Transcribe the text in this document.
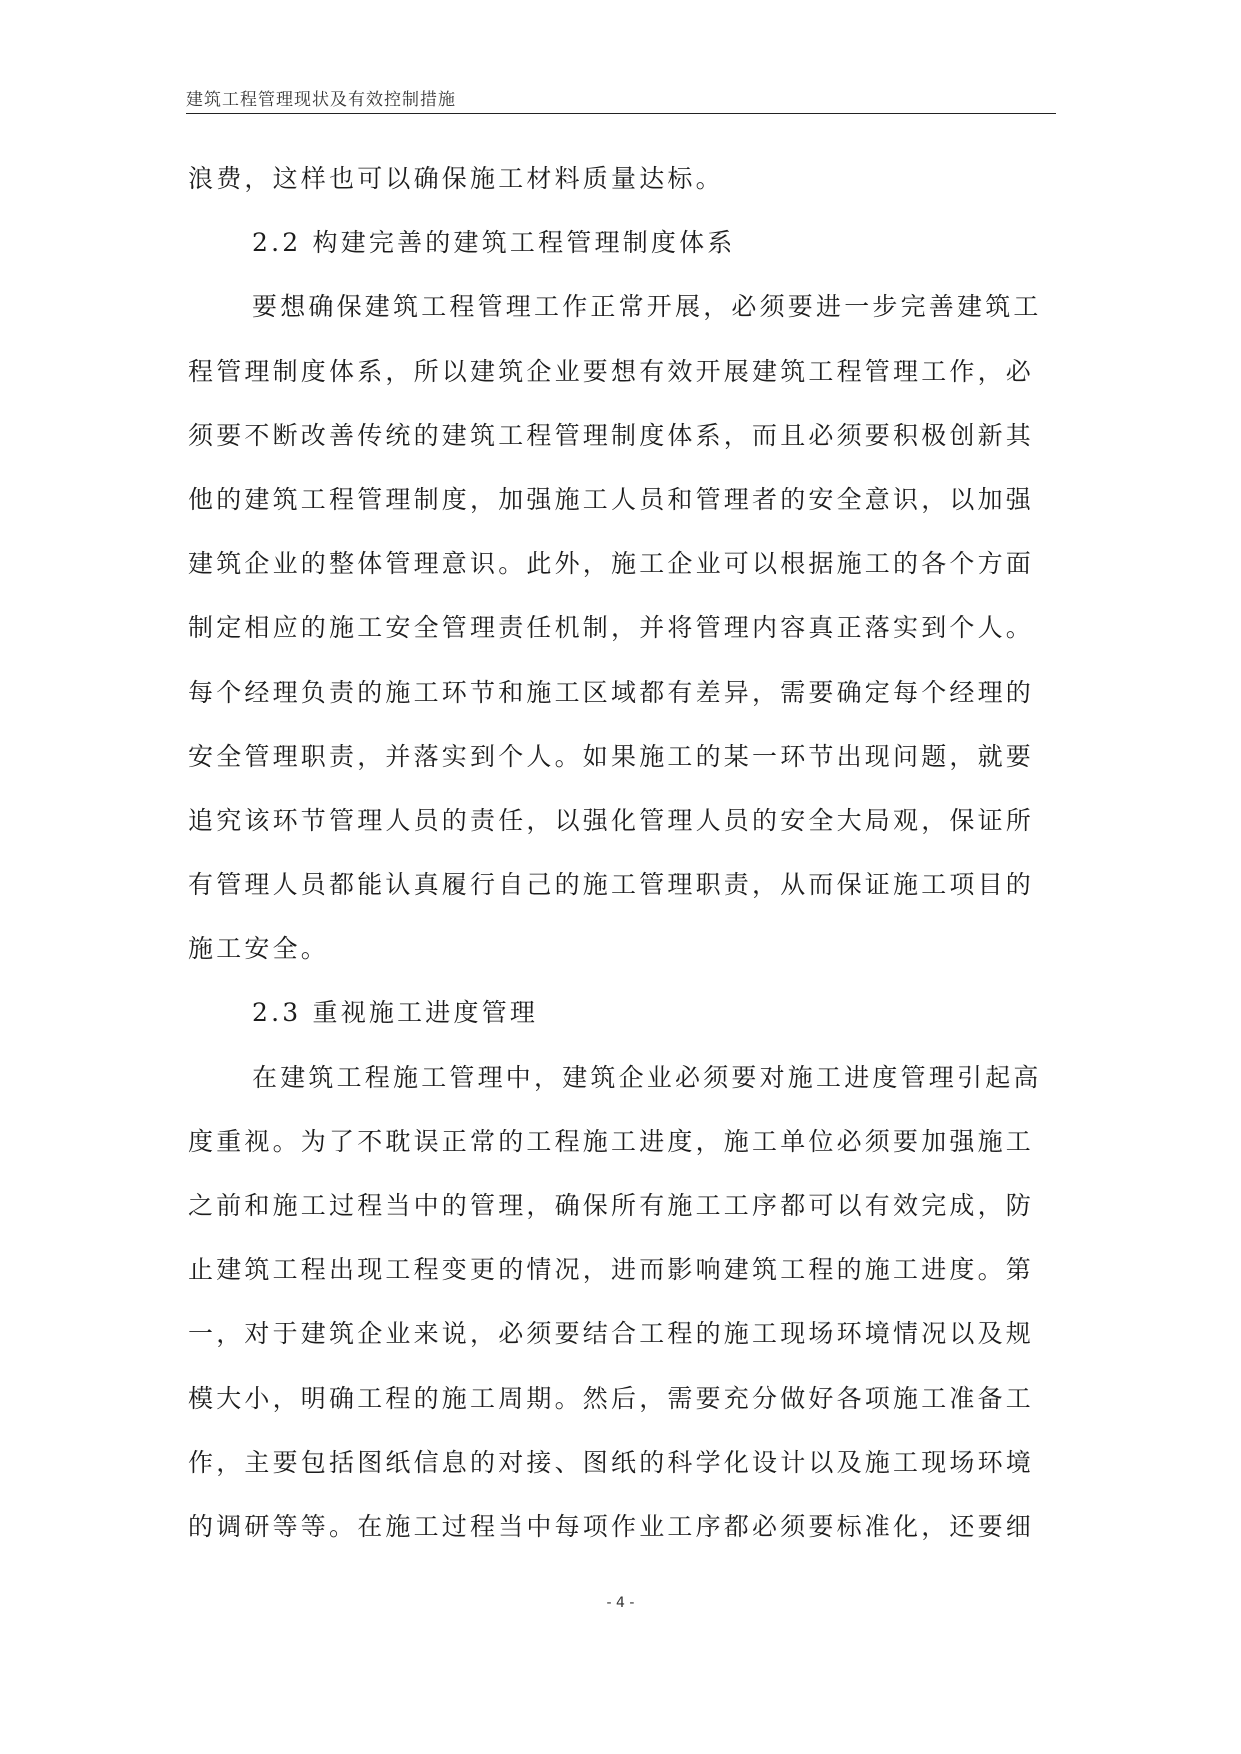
建筑工程管理现状及有效控制措施
浪费，这样也可以确保施工材料质量达标。
2.2 构建完善的建筑工程管理制度体系
要想确保建筑工程管理工作正常开展，必须要进一步完善建筑工
程管理制度体系，所以建筑企业要想有效开展建筑工程管理工作，必
须要不断改善传统的建筑工程管理制度体系，而且必须要积极创新其
他的建筑工程管理制度，加强施工人员和管理者的安全意识，以加强
建筑企业的整体管理意识。此外，施工企业可以根据施工的各个方面
制定相应的施工安全管理责任机制，并将管理内容真正落实到个人。
每个经理负责的施工环节和施工区域都有差异，需要确定每个经理的
安全管理职责，并落实到个人。如果施工的某一环节出现问题，就要
追究该环节管理人员的责任，以强化管理人员的安全大局观，保证所
有管理人员都能认真履行自己的施工管理职责，从而保证施工项目的
施工安全。
2.3 重视施工进度管理
在建筑工程施工管理中，建筑企业必须要对施工进度管理引起高
度重视。为了不耽误正常的工程施工进度，施工单位必须要加强施工
之前和施工过程当中的管理，确保所有施工工序都可以有效完成，防
止建筑工程出现工程变更的情况，进而影响建筑工程的施工进度。第
一，对于建筑企业来说，必须要结合工程的施工现场环境情况以及规
模大小，明确工程的施工周期。然后，需要充分做好各项施工准备工
作，主要包括图纸信息的对接、图纸的科学化设计以及施工现场环境
的调研等等。在施工过程当中每项作业工序都必须要标准化，还要细
- 4 -
